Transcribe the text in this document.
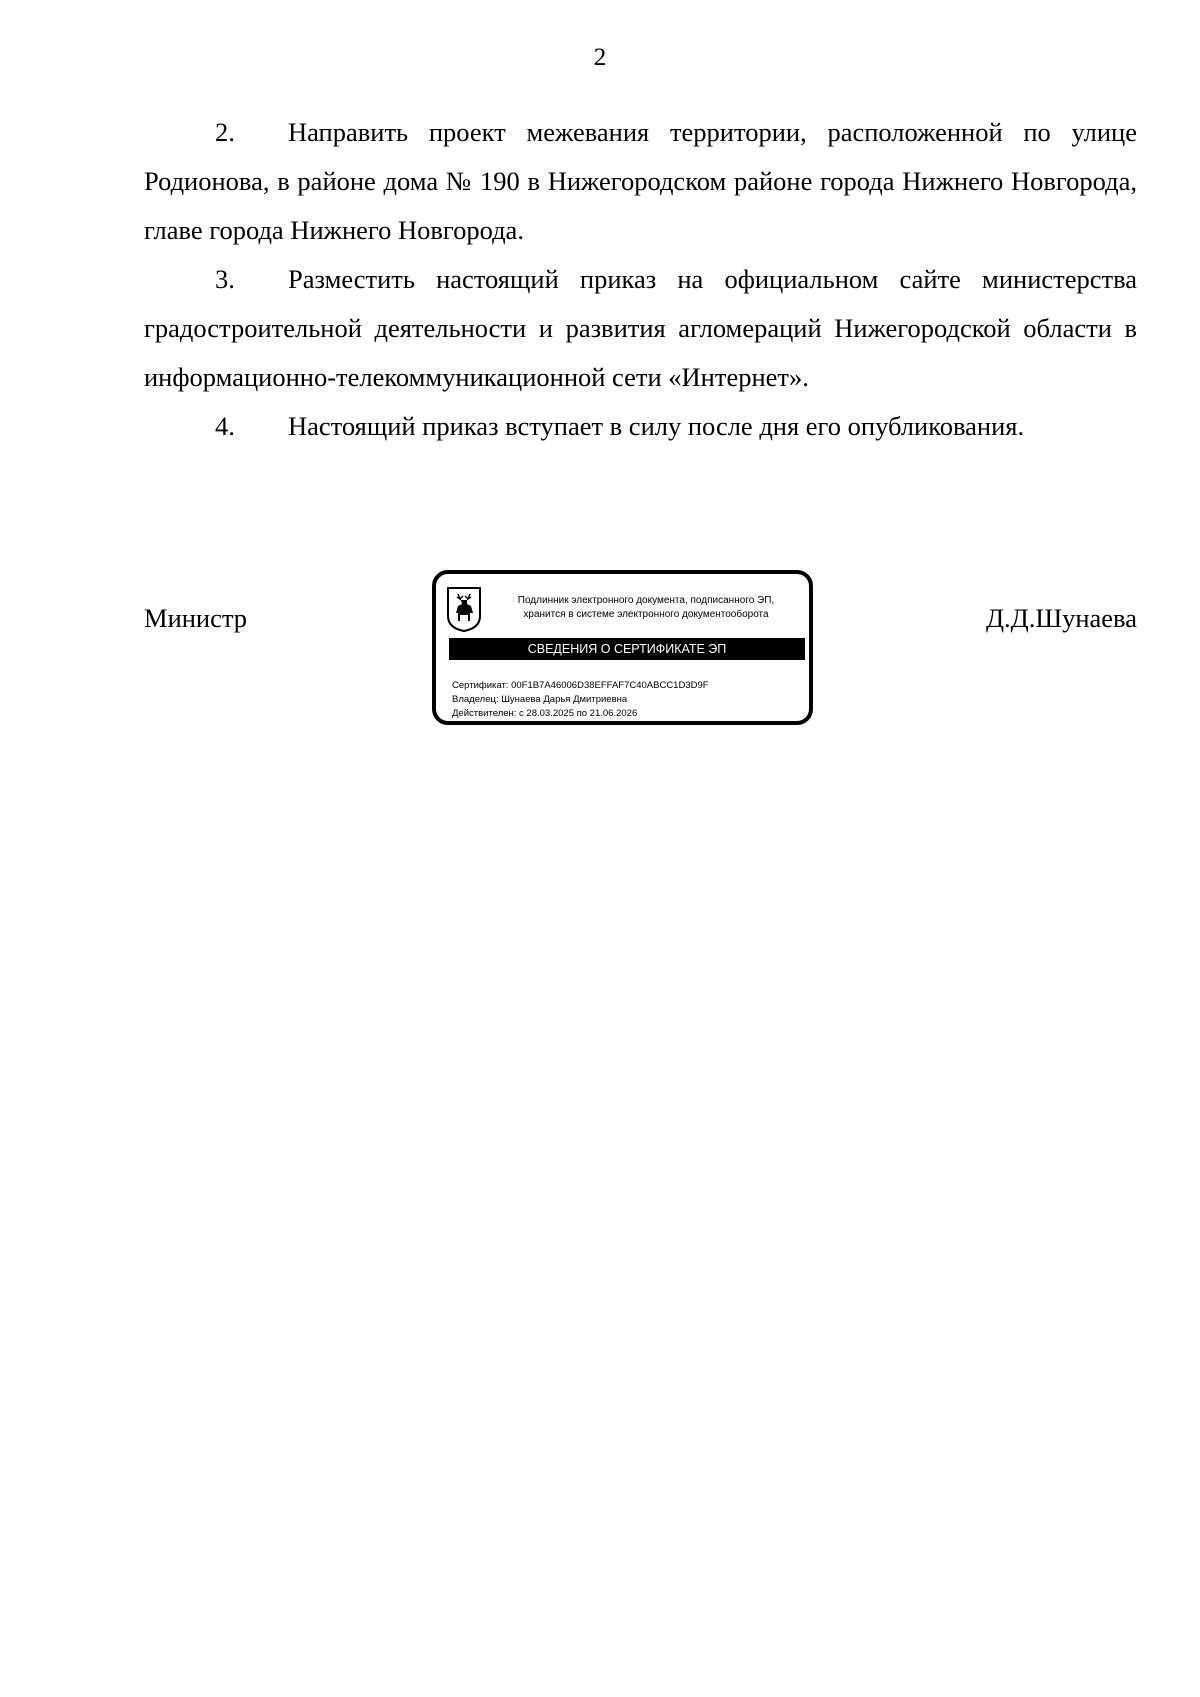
2
2. Направить проект межевания территории, расположенной по улице Родионова, в районе дома № 190 в Нижегородском районе города Нижнего Новгорода, главе города Нижнего Новгорода.
3. Разместить настоящий приказ на официальном сайте министерства градостроительной деятельности и развития агломераций Нижегородской области в информационно-телекоммуникационной сети «Интернет».
4. Настоящий приказ вступает в силу после дня его опубликования.
Министр	Д.Д.Шунаева
Подлинник электронного документа, подписанного ЭП,
хранится в системе электронного документооборота
СВЕДЕНИЯ О СЕРТИФИКАТЕ ЭП
Сертификат: 00F1B7A46006D38EFFAF7C40ABCC1D3D9F
Владелец: Шунаева Дарья Дмитриевна
Действителен: с 28.03.2025 по 21.06.2026
